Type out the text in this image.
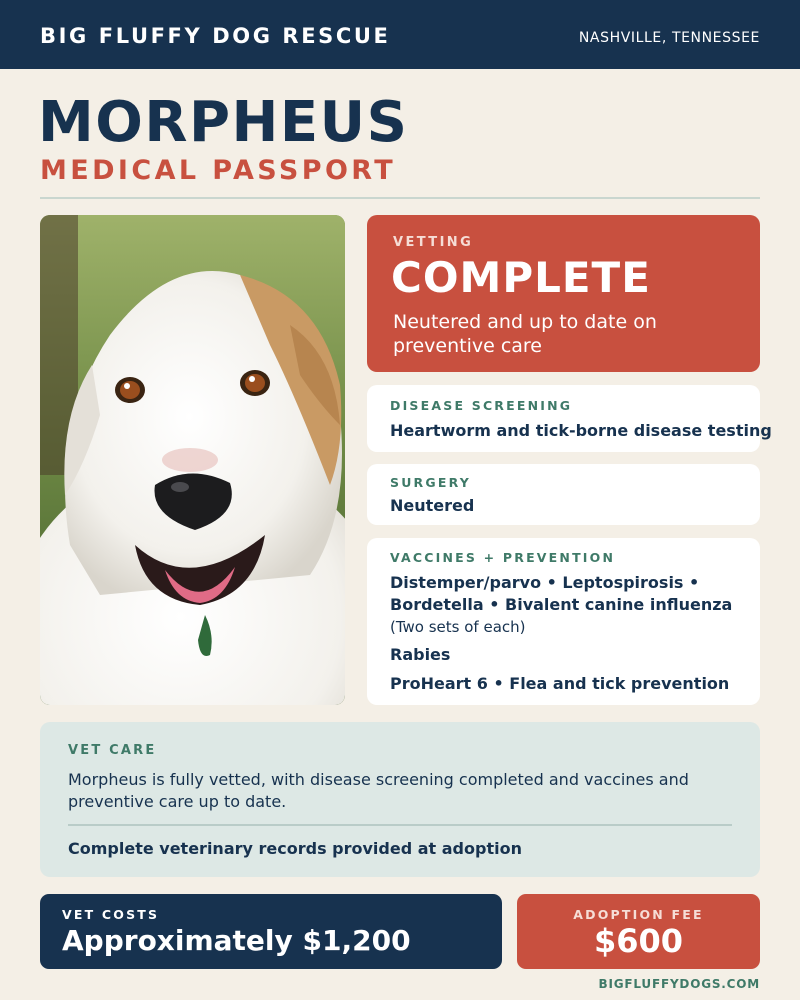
BIG FLUFFY DOG RESCUE	NASHVILLE, TENNESSEE
MORPHEUS
MEDICAL PASSPORT
VETTING
COMPLETE
Neutered and up to date on preventive care
DISEASE SCREENING
Heartworm and tick-borne disease testing
SURGERY
Neutered
VACCINES + PREVENTION
Distemper/parvo • Leptospirosis •
Bordetella • Bivalent canine influenza
(Two sets of each)
Rabies
ProHeart 6 • Flea and tick prevention
VET CARE
Morpheus is fully vetted, with disease screening completed and vaccines and preventive care up to date.
Complete veterinary records provided at adoption
VET COSTS
Approximately $1,200
ADOPTION FEE
$600
BIGFLUFFYDOGS.COM
